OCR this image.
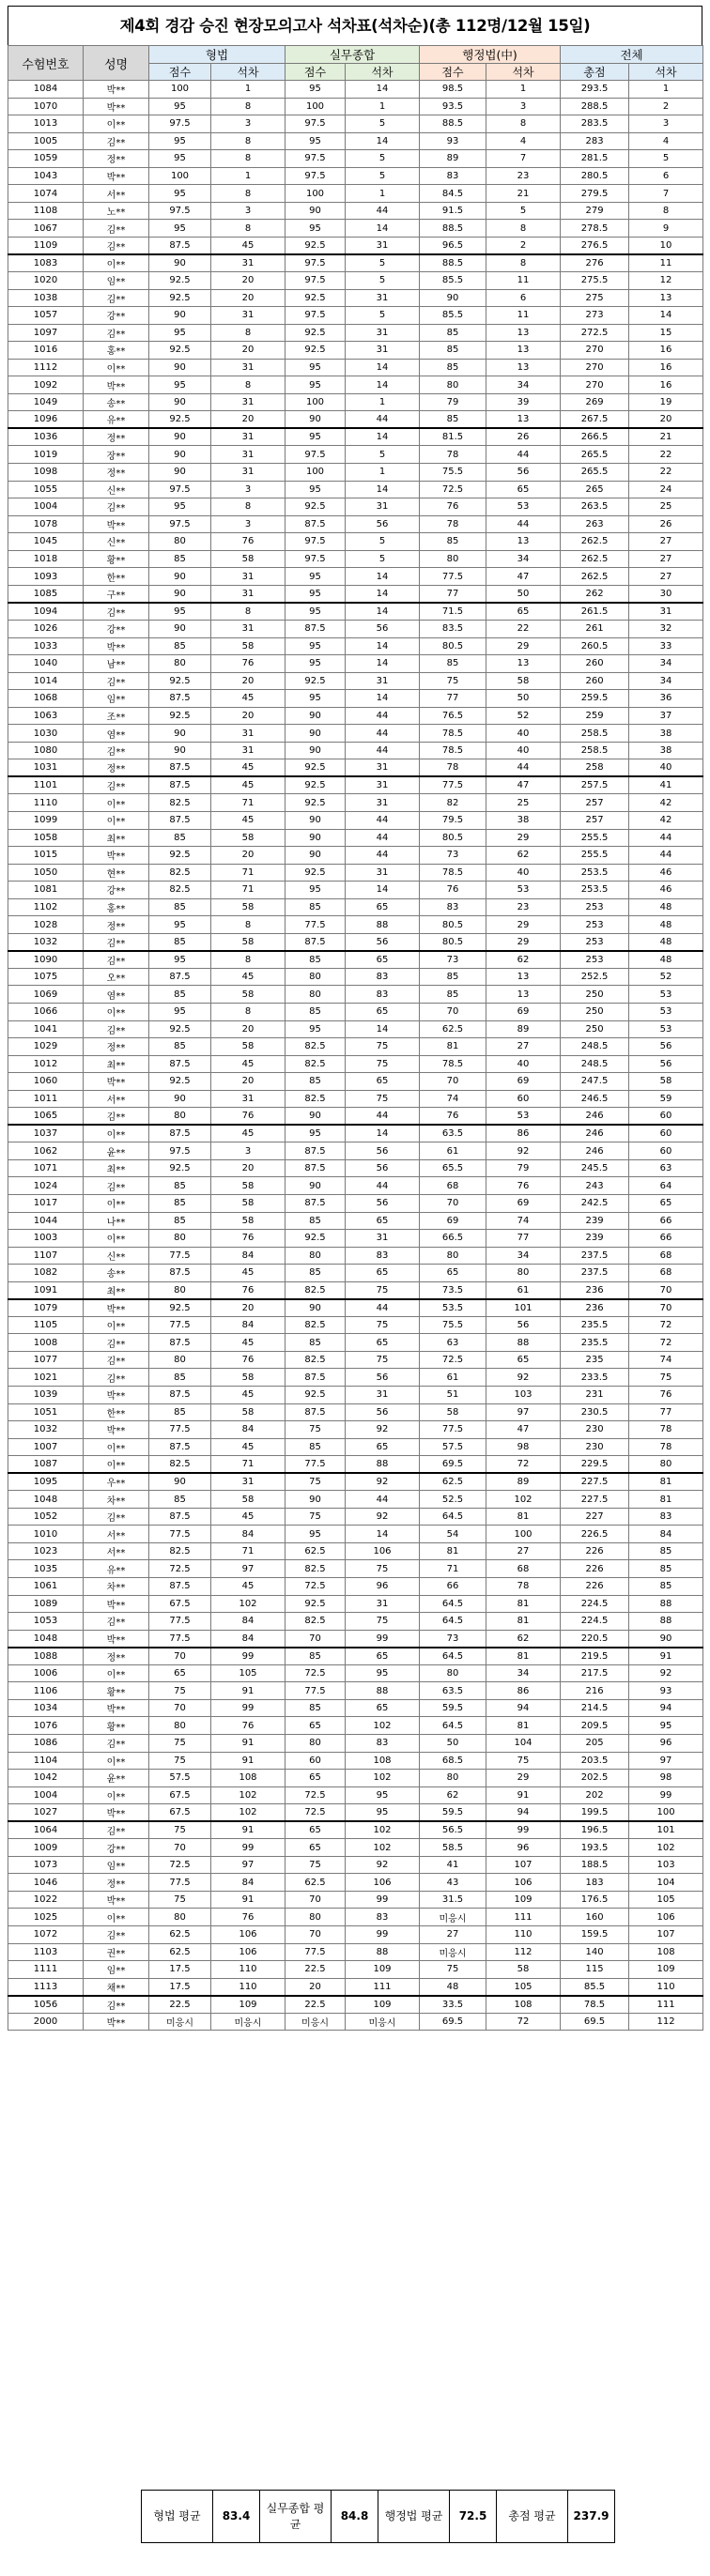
제4회 경감 승진 현장모의고사 석차표(석차순)(총 112명/12월 15일)
수험번호	성명	형법		실무종합		행정법(中)		전체	
		점수	석차	점수	석차	점수	석차	총점	석차
1084	박**	100	1	95	14	98.5	1	293.5	1
1070	박**	95	8	100	1	93.5	3	288.5	2
1013	이**	97.5	3	97.5	5	88.5	8	283.5	3
1005	김**	95	8	95	14	93	4	283	4
1059	정**	95	8	97.5	5	89	7	281.5	5
1043	박**	100	1	97.5	5	83	23	280.5	6
1074	서**	95	8	100	1	84.5	21	279.5	7
1108	노**	97.5	3	90	44	91.5	5	279	8
1067	김**	95	8	95	14	88.5	8	278.5	9
1109	김**	87.5	45	92.5	31	96.5	2	276.5	10
1083	이**	90	31	97.5	5	88.5	8	276	11
1020	임**	92.5	20	97.5	5	85.5	11	275.5	12
1038	김**	92.5	20	92.5	31	90	6	275	13
1057	강**	90	31	97.5	5	85.5	11	273	14
1097	김**	95	8	92.5	31	85	13	272.5	15
1016	홍**	92.5	20	92.5	31	85	13	270	16
1112	이**	90	31	95	14	85	13	270	16
1092	박**	95	8	95	14	80	34	270	16
1049	송**	90	31	100	1	79	39	269	19
1096	유**	92.5	20	90	44	85	13	267.5	20
1036	정**	90	31	95	14	81.5	26	266.5	21
1019	장**	90	31	97.5	5	78	44	265.5	22
1098	정**	90	31	100	1	75.5	56	265.5	22
1055	신**	97.5	3	95	14	72.5	65	265	24
1004	김**	95	8	92.5	31	76	53	263.5	25
1078	박**	97.5	3	87.5	56	78	44	263	26
1045	신**	80	76	97.5	5	85	13	262.5	27
1018	황**	85	58	97.5	5	80	34	262.5	27
1093	한**	90	31	95	14	77.5	47	262.5	27
1085	구**	90	31	95	14	77	50	262	30
1094	김**	95	8	95	14	71.5	65	261.5	31
1026	강**	90	31	87.5	56	83.5	22	261	32
1033	박**	85	58	95	14	80.5	29	260.5	33
1040	남**	80	76	95	14	85	13	260	34
1014	김**	92.5	20	92.5	31	75	58	260	34
1068	임**	87.5	45	95	14	77	50	259.5	36
1063	조**	92.5	20	90	44	76.5	52	259	37
1030	염**	90	31	90	44	78.5	40	258.5	38
1080	김**	90	31	90	44	78.5	40	258.5	38
1031	정**	87.5	45	92.5	31	78	44	258	40
1101	김**	87.5	45	92.5	31	77.5	47	257.5	41
1110	이**	82.5	71	92.5	31	82	25	257	42
1099	이**	87.5	45	90	44	79.5	38	257	42
1058	최**	85	58	90	44	80.5	29	255.5	44
1015	박**	92.5	20	90	44	73	62	255.5	44
1050	현**	82.5	71	92.5	31	78.5	40	253.5	46
1081	강**	82.5	71	95	14	76	53	253.5	46
1102	홍**	85	58	85	65	83	23	253	48
1028	정**	95	8	77.5	88	80.5	29	253	48
1032	김**	85	58	87.5	56	80.5	29	253	48
1090	김**	95	8	85	65	73	62	253	48
1075	오**	87.5	45	80	83	85	13	252.5	52
1069	염**	85	58	80	83	85	13	250	53
1066	이**	95	8	85	65	70	69	250	53
1041	김**	92.5	20	95	14	62.5	89	250	53
1029	정**	85	58	82.5	75	81	27	248.5	56
1012	최**	87.5	45	82.5	75	78.5	40	248.5	56
1060	박**	92.5	20	85	65	70	69	247.5	58
1011	서**	90	31	82.5	75	74	60	246.5	59
1065	김**	80	76	90	44	76	53	246	60
1037	이**	87.5	45	95	14	63.5	86	246	60
1062	윤**	97.5	3	87.5	56	61	92	246	60
1071	최**	92.5	20	87.5	56	65.5	79	245.5	63
1024	김**	85	58	90	44	68	76	243	64
1017	이**	85	58	87.5	56	70	69	242.5	65
1044	나**	85	58	85	65	69	74	239	66
1003	이**	80	76	92.5	31	66.5	77	239	66
1107	신**	77.5	84	80	83	80	34	237.5	68
1082	송**	87.5	45	85	65	65	80	237.5	68
1091	최**	80	76	82.5	75	73.5	61	236	70
1079	박**	92.5	20	90	44	53.5	101	236	70
1105	이**	77.5	84	82.5	75	75.5	56	235.5	72
1008	김**	87.5	45	85	65	63	88	235.5	72
1077	김**	80	76	82.5	75	72.5	65	235	74
1021	김**	85	58	87.5	56	61	92	233.5	75
1039	박**	87.5	45	92.5	31	51	103	231	76
1051	한**	85	58	87.5	56	58	97	230.5	77
1032	박**	77.5	84	75	92	77.5	47	230	78
1007	이**	87.5	45	85	65	57.5	98	230	78
1087	이**	82.5	71	77.5	88	69.5	72	229.5	80
1095	우**	90	31	75	92	62.5	89	227.5	81
1048	차**	85	58	90	44	52.5	102	227.5	81
1052	김**	87.5	45	75	92	64.5	81	227	83
1010	서**	77.5	84	95	14	54	100	226.5	84
1023	서**	82.5	71	62.5	106	81	27	226	85
1035	유**	72.5	97	82.5	75	71	68	226	85
1061	차**	87.5	45	72.5	96	66	78	226	85
1089	박**	67.5	102	92.5	31	64.5	81	224.5	88
1053	김**	77.5	84	82.5	75	64.5	81	224.5	88
1048	박**	77.5	84	70	99	73	62	220.5	90
1088	정**	70	99	85	65	64.5	81	219.5	91
1006	이**	65	105	72.5	95	80	34	217.5	92
1106	황**	75	91	77.5	88	63.5	86	216	93
1034	박**	70	99	85	65	59.5	94	214.5	94
1076	황**	80	76	65	102	64.5	81	209.5	95
1086	김**	75	91	80	83	50	104	205	96
1104	이**	75	91	60	108	68.5	75	203.5	97
1042	윤**	57.5	108	65	102	80	29	202.5	98
1004	이**	67.5	102	72.5	95	62	91	202	99
1027	박**	67.5	102	72.5	95	59.5	94	199.5	100
1064	김**	75	91	65	102	56.5	99	196.5	101
1009	강**	70	99	65	102	58.5	96	193.5	102
1073	임**	72.5	97	75	92	41	107	188.5	103
1046	정**	77.5	84	62.5	106	43	106	183	104
1022	박**	75	91	70	99	31.5	109	176.5	105
1025	이**	80	76	80	83	미응시	111	160	106
1072	김**	62.5	106	70	99	27	110	159.5	107
1103	권**	62.5	106	77.5	88	미응시	112	140	108
1111	임**	17.5	110	22.5	109	75	58	115	109
1113	채**	17.5	110	20	111	48	105	85.5	110
1056	김**	22.5	109	22.5	109	33.5	108	78.5	111
2000	박**	미응시	미응시	미응시	미응시	69.5	72	69.5	112
형법 평균	83.4	실무종합 평균	84.8	행정법 평균	72.5	총점 평균	237.9
